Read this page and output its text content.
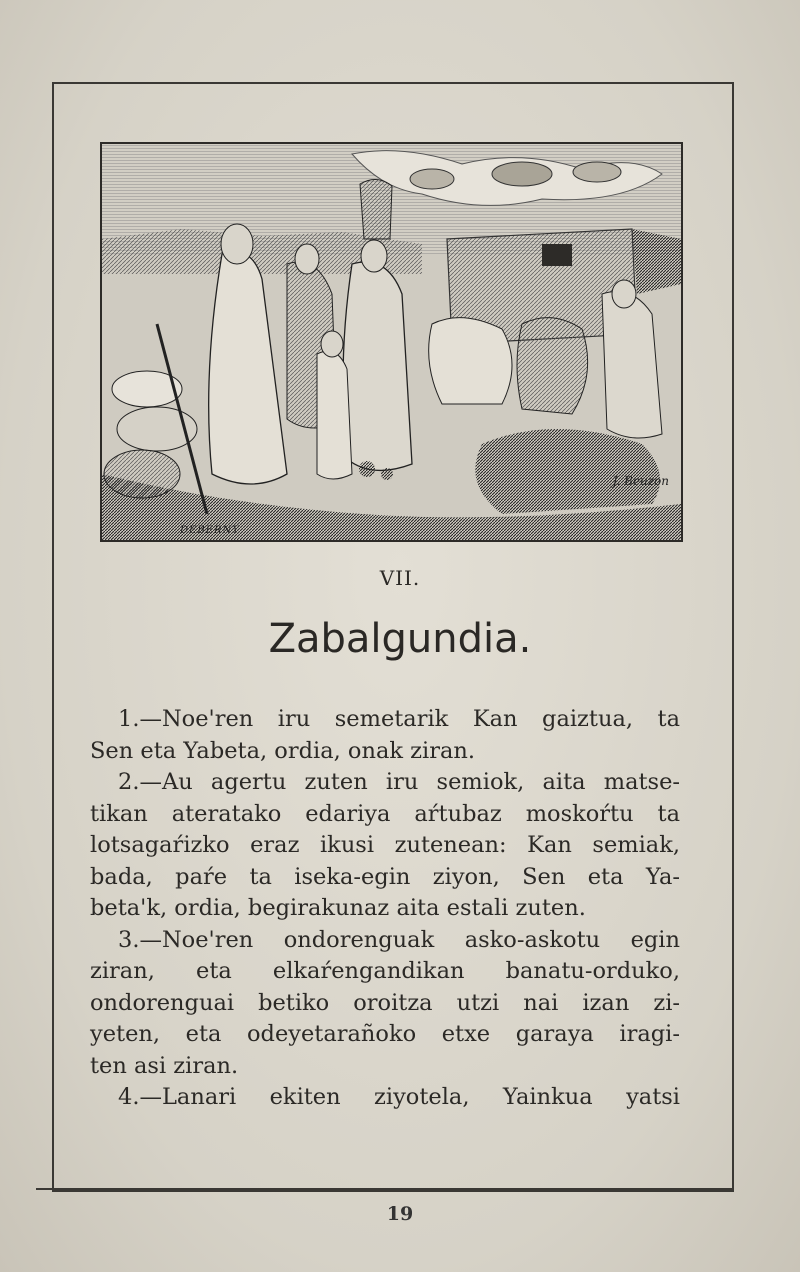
DEBERNY
J. Beuzon
VII.
Zabalgundia.
1.—Noe'ren iru semetarik Kan gaiztua, ta
Sen eta Yabeta, ordia, onak ziran.
2.—Au agertu zuten iru semiok, aita matse-
tikan ateratako edariya aŕtubaz moskoŕtu ta
lotsagaŕizko eraz ikusi zutenean: Kan semiak,
bada, paŕe ta iseka-egin ziyon, Sen eta Ya-
beta'k, ordia, begirakunaz aita estali zuten.
3.—Noe'ren ondorenguak asko-askotu egin
ziran, eta elkaŕengandikan banatu-orduko,
ondorenguai betiko oroitza utzi nai izan zi-
yeten, eta odeyetarañoko etxe garaya iragi-
ten asi ziran.
4.—Lanari ekiten ziyotela, Yainkua yatsi
19
